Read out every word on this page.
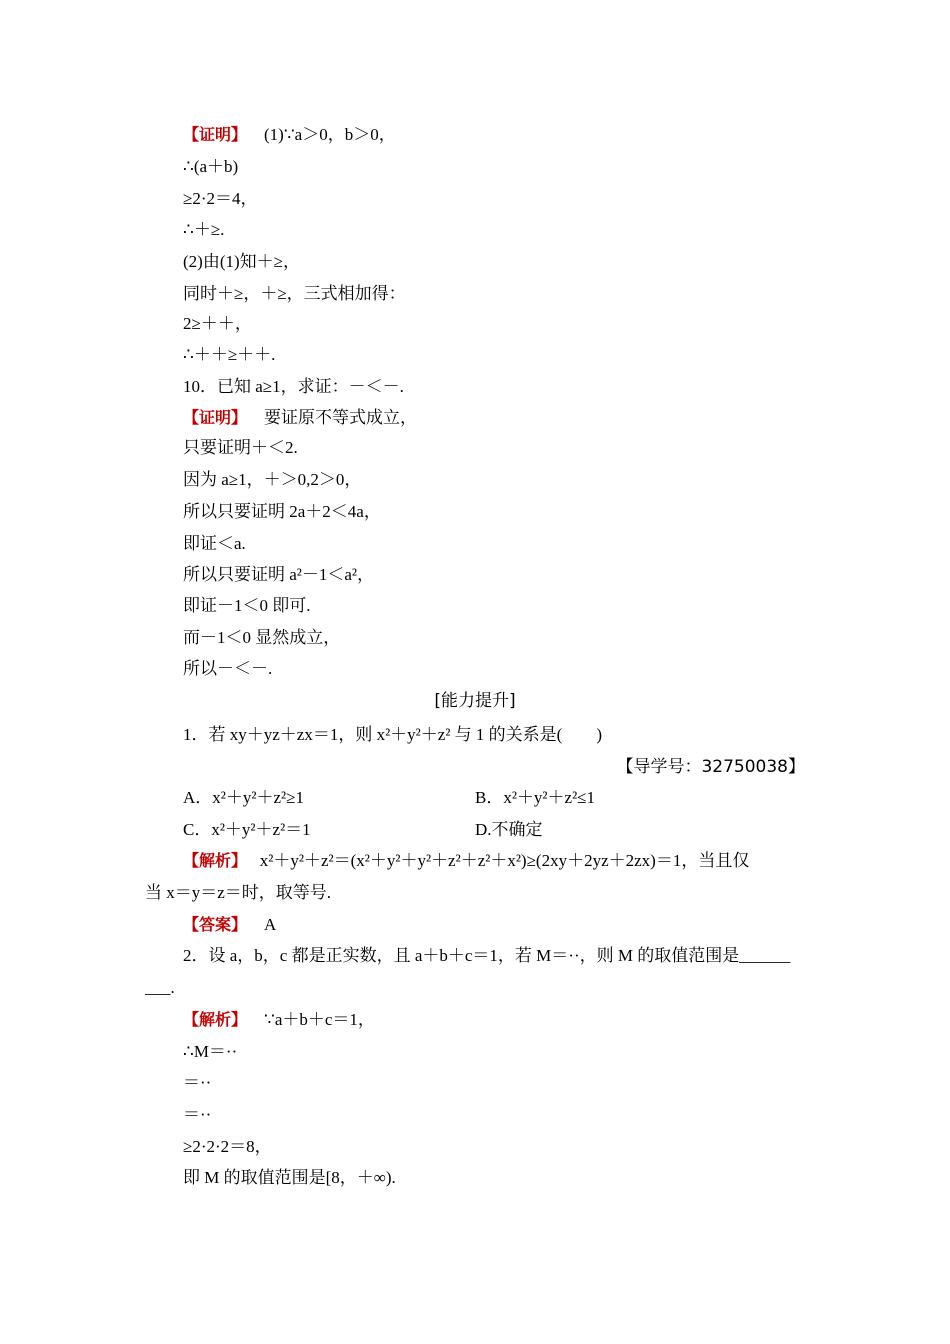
【证明】 (1)∵a＞0，b＞0，
∴(a＋b)
≥2·2＝4，
∴＋≥.
(2)由(1)知＋≥，
同时＋≥，＋≥，三式相加得：
2≥＋＋，
∴＋＋≥＋＋.
10．已知 a≥1，求证：－＜－.
【证明】 要证原不等式成立，
只要证明＋＜2.
因为 a≥1，＋＞0,2＞0，
所以只要证明 2a＋2＜4a，
即证＜a.
所以只要证明 a²－1＜a²，
即证－1＜0 即可.
而－1＜0 显然成立，
所以－＜－.
[能力提升]
1．若 xy＋yz＋zx＝1，则 x²＋y²＋z² 与 1 的关系是(　　)
【导学号：32750038】
A．x²＋y²＋z²≥1	B．x²＋y²＋z²≤1
C．x²＋y²＋z²＝1	D.不确定
【解析】 x²＋y²＋z²＝(x²＋y²＋y²＋z²＋z²＋x²)≥(2xy＋2yz＋2zx)＝1，当且仅
当 x＝y＝z＝时，取等号.
【答案】 A
2．设 a，b，c 都是正实数，且 a＋b＋c＝1，若 M＝··，则 M 的取值范围是______
___.
【解析】 ∵a＋b＋c＝1，
∴M＝··
＝··
＝··
≥2·2·2＝8，
即 M 的取值范围是[8，＋∞).
